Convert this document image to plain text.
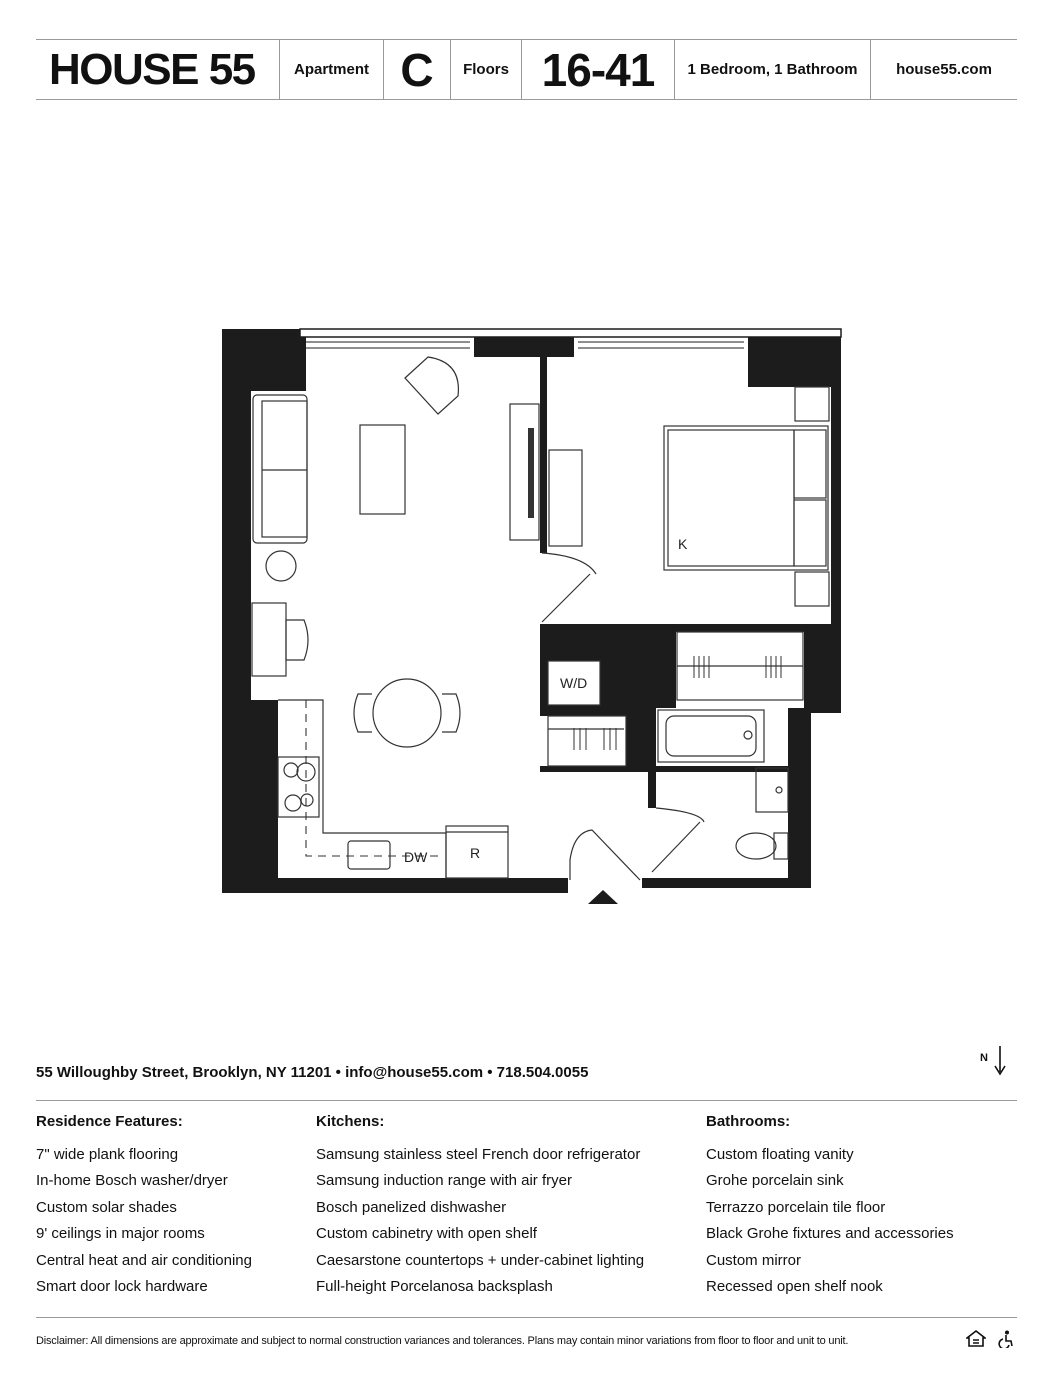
HOUSE 55	Apartment C	Floors 16-41	1 Bedroom, 1 Bathroom	house55.com
DW	R
K
W/D
55 Willoughby Street, Brooklyn, NY 11201 • info@house55.com • 718.504.0055
N
Residence Features:
7" wide plank flooring
In-home Bosch washer/dryer
Custom solar shades
9' ceilings in major rooms
Central heat and air conditioning
Smart door lock hardware
Kitchens:
Samsung stainless steel French door refrigerator
Samsung induction range with air fryer
Bosch panelized dishwasher
Custom cabinetry with open shelf
Caesarstone countertops + under-cabinet lighting
Full-height Porcelanosa backsplash
Bathrooms:
Custom floating vanity
Grohe porcelain sink
Terrazzo porcelain tile floor
Black Grohe fixtures and accessories
Custom mirror
Recessed open shelf nook
Disclaimer: All dimensions are approximate and subject to normal construction variances and tolerances. Plans may contain minor variations from floor to floor and unit to unit.
